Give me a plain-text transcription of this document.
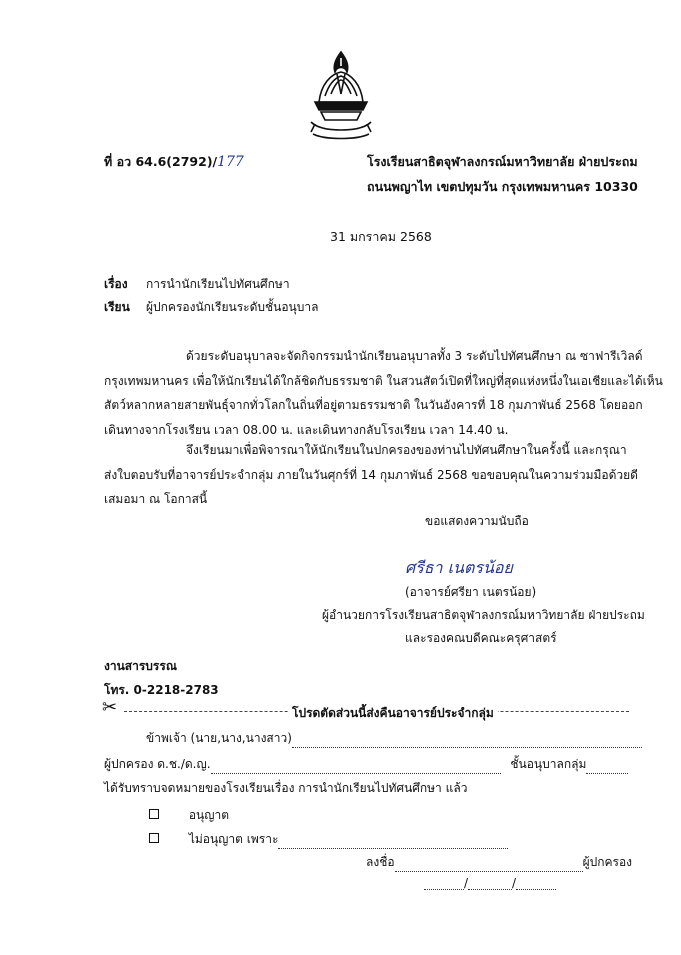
ที่ อว 64.6(2792)/177	โรงเรียนสาธิตจุฬาลงกรณ์มหาวิทยาลัย ฝ่ายประถม
ถนนพญาไท เขตปทุมวัน กรุงเทพมหานคร 10330
31 มกราคม 2568
เรื่อง การนำนักเรียนไปทัศนศึกษา
เรียน ผู้ปกครองนักเรียนระดับชั้นอนุบาล
ด้วยระดับอนุบาลจะจัดกิจกรรมนำนักเรียนอนุบาลทั้ง 3 ระดับไปทัศนศึกษา ณ ซาฟารีเวิลด์
กรุงเทพมหานคร เพื่อให้นักเรียนได้ใกล้ชิดกับธรรมชาติ ในสวนสัตว์เปิดที่ใหญ่ที่สุดแห่งหนึ่งในเอเชียและได้เห็น
สัตว์หลากหลายสายพันธุ์จากทั่วโลกในถิ่นที่อยู่ตามธรรมชาติ ในวันอังคารที่ 18 กุมภาพันธ์ 2568 โดยออก
เดินทางจากโรงเรียน เวลา 08.00 น. และเดินทางกลับโรงเรียน เวลา 14.40 น.
จึงเรียนมาเพื่อพิจารณาให้นักเรียนในปกครองของท่านไปทัศนศึกษาในครั้งนี้ และกรุณา
ส่งใบตอบรับที่อาจารย์ประจำกลุ่ม ภายในวันศุกร์ที่ 14 กุมภาพันธ์ 2568 ขอขอบคุณในความร่วมมือด้วยดี
เสมอมา ณ โอกาสนี้
ขอแสดงความนับถือ
ศรีธา เนตรน้อย
(อาจารย์ศรียา เนตรน้อย)
ผู้อำนวยการโรงเรียนสาธิตจุฬาลงกรณ์มหาวิทยาลัย ฝ่ายประถม
และรองคณบดีคณะครุศาสตร์
งานสารบรรณ
โทร. 0-2218-2783
✂	โปรดตัดส่วนนี้ส่งคืนอาจารย์ประจำกลุ่ม
ข้าพเจ้า (นาย,นาง,นางสาว)
ผู้ปกครอง ด.ช./ด.ญ.	ชั้นอนุบาลกลุ่ม
ได้รับทราบจดหมายของโรงเรียนเรื่อง การนำนักเรียนไปทัศนศึกษา แล้ว
อนุญาต
ไม่อนุญาต เพราะ
ลงชื่อ	ผู้ปกครอง
/	/
